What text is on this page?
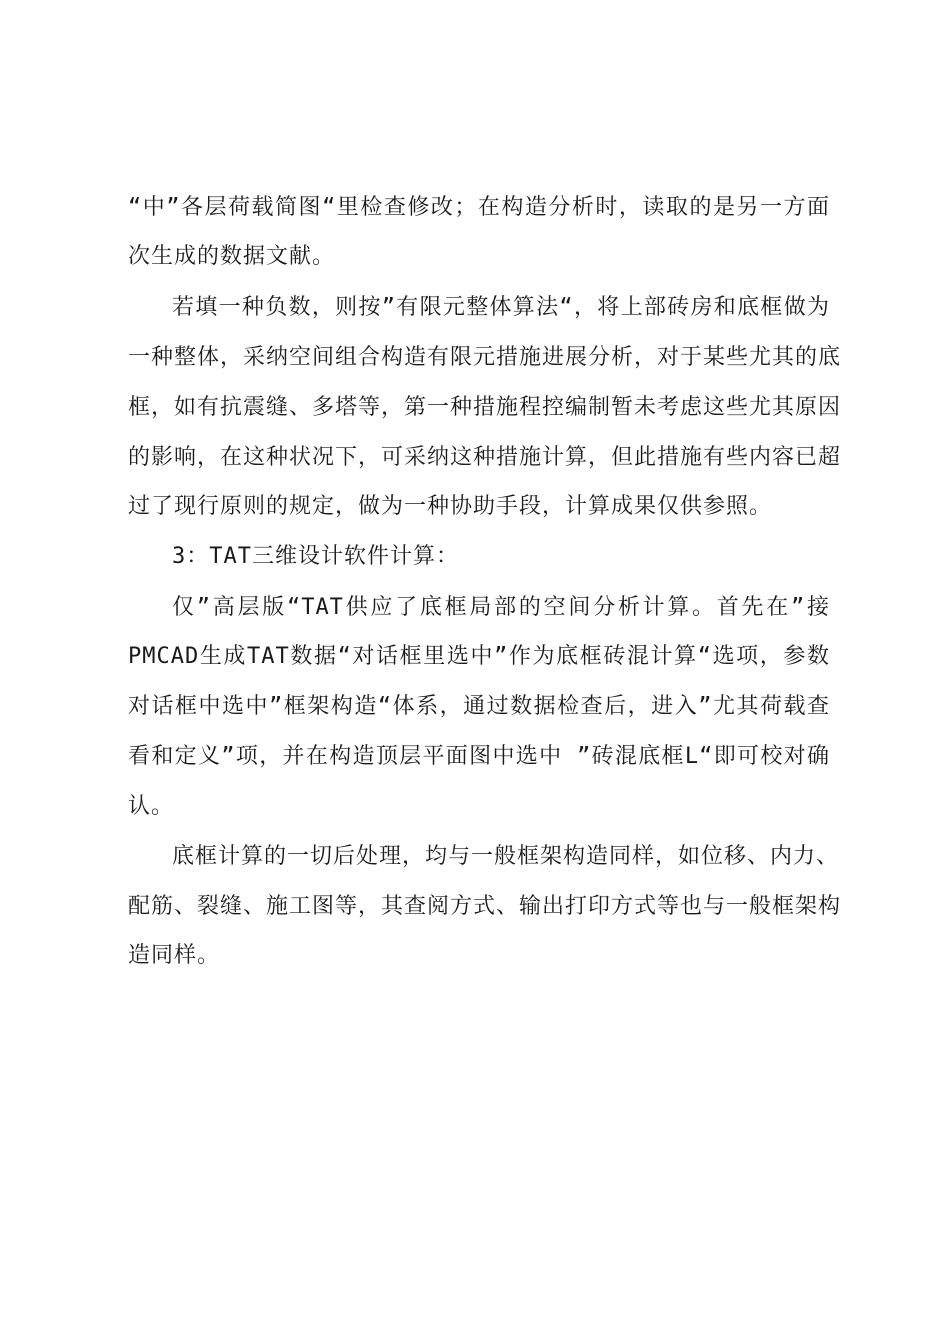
“中”各层荷载简图“里检查修改；在构造分析时，读取的是另一方面
次生成的数据文献。
若填一种负数，则按”有限元整体算法“，将上部砖房和底框做为
一种整体，采纳空间组合构造有限元措施进展分析，对于某些尤其的底
框，如有抗震缝、多塔等，第一种措施程控编制暂未考虑这些尤其原因
的影响，在这种状况下，可采纳这种措施计算，但此措施有些内容已超
过了现行原则的规定，做为一种协助手段，计算成果仅供参照。
3：TAT三维设计软件计算：
仅”高层版“TAT供应了底框局部的空间分析计算。首先在”接
PMCAD生成TAT数据“对话框里选中”作为底框砖混计算“选项，参数
对话框中选中”框架构造“体系，通过数据检查后，进入”尤其荷载查
看和定义”项，并在构造顶层平面图中选中 ”砖混底框L“即可校对确
认。
底框计算的一切后处理，均与一般框架构造同样，如位移、内力、
配筋、裂缝、施工图等，其查阅方式、输出打印方式等也与一般框架构
造同样。
